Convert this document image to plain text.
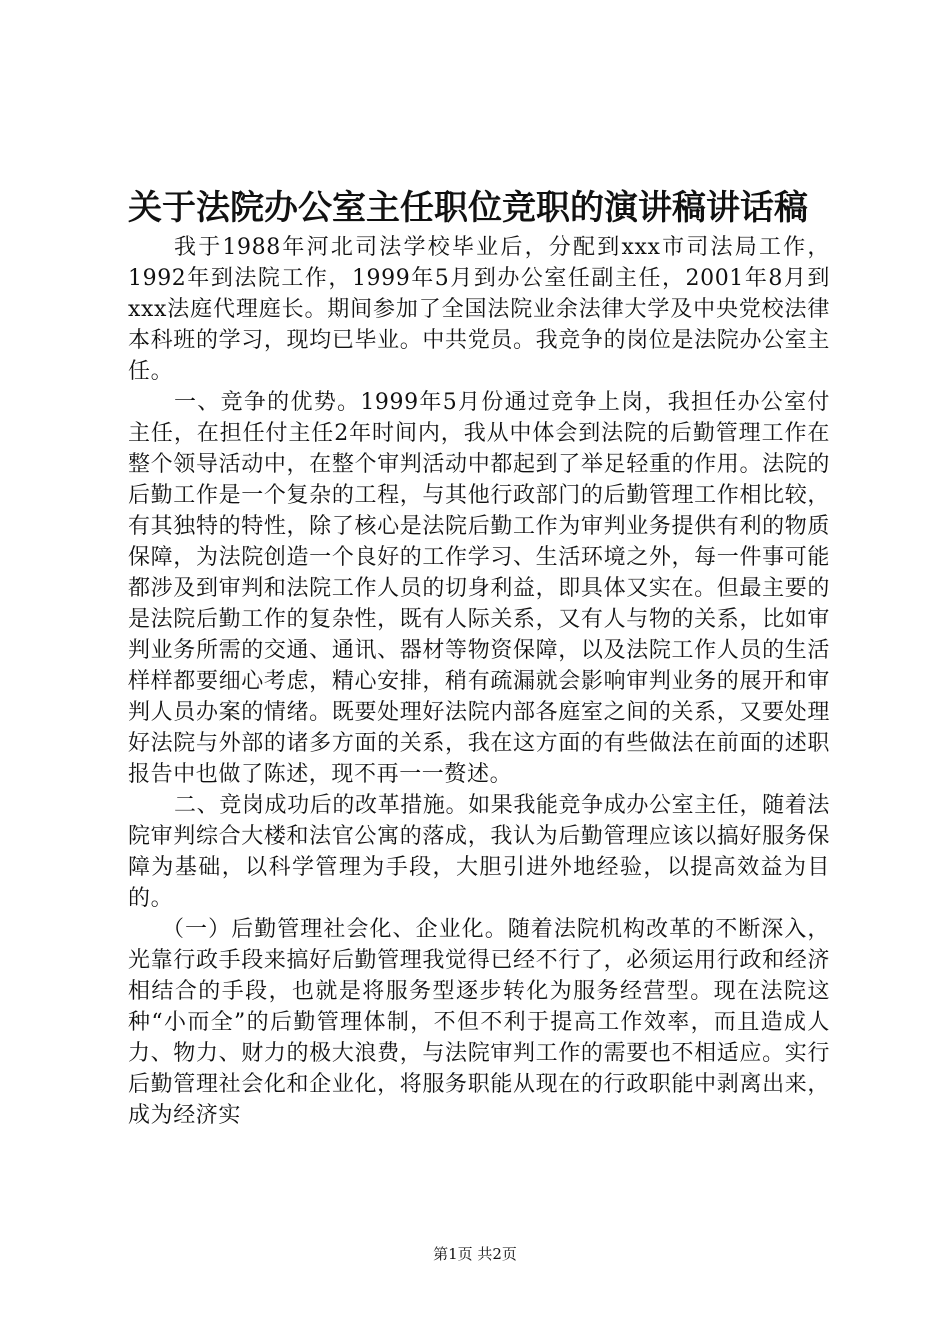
关于法院办公室主任职位竞职的演讲稿讲话稿

我于1988年河北司法学校毕业后，分配到xxx市司法局工作，1992年到法院工作，1999年5月到办公室任副主任，2001年8月到xxx法庭代理庭长。期间参加了全国法院业余法律大学及中央党校法律本科班的学习，现均已毕业。中共党员。我竞争的岗位是法院办公室主任。

一、竞争的优势。1999年5月份通过竞争上岗，我担任办公室付主任，在担任付主任2年时间内，我从中体会到法院的后勤管理工作在整个领导活动中，在整个审判活动中都起到了举足轻重的作用。法院的后勤工作是一个复杂的工程，与其他行政部门的后勤管理工作相比较，有其独特的特性，除了核心是法院后勤工作为审判业务提供有利的物质保障，为法院创造一个良好的工作学习、生活环境之外，每一件事可能都涉及到审判和法院工作人员的切身利益，即具体又实在。但最主要的是法院后勤工作的复杂性，既有人际关系，又有人与物的关系，比如审判业务所需的交通、通讯、器材等物资保障，以及法院工作人员的生活样样都要细心考虑，精心安排，稍有疏漏就会影响审判业务的展开和审判人员办案的情绪。既要处理好法院内部各庭室之间的关系，又要处理好法院与外部的诸多方面的关系，我在这方面的有些做法在前面的述职报告中也做了陈述，现不再一一赘述。

二、竞岗成功后的改革措施。如果我能竞争成办公室主任，随着法院审判综合大楼和法官公寓的落成，我认为后勤管理应该以搞好服务保障为基础，以科学管理为手段，大胆引进外地经验，以提高效益为目的。

（一）后勤管理社会化、企业化。随着法院机构改革的不断深入，光靠行政手段来搞好后勤管理我觉得已经不行了，必须运用行政和经济相结合的手段，也就是将服务型逐步转化为服务经营型。现在法院这种“小而全”的后勤管理体制，不但不利于提高工作效率，而且造成人力、物力、财力的极大浪费，与法院审判工作的需要也不相适应。实行后勤管理社会化和企业化，将服务职能从现在的行政职能中剥离出来，成为经济实

第1页 共2页
